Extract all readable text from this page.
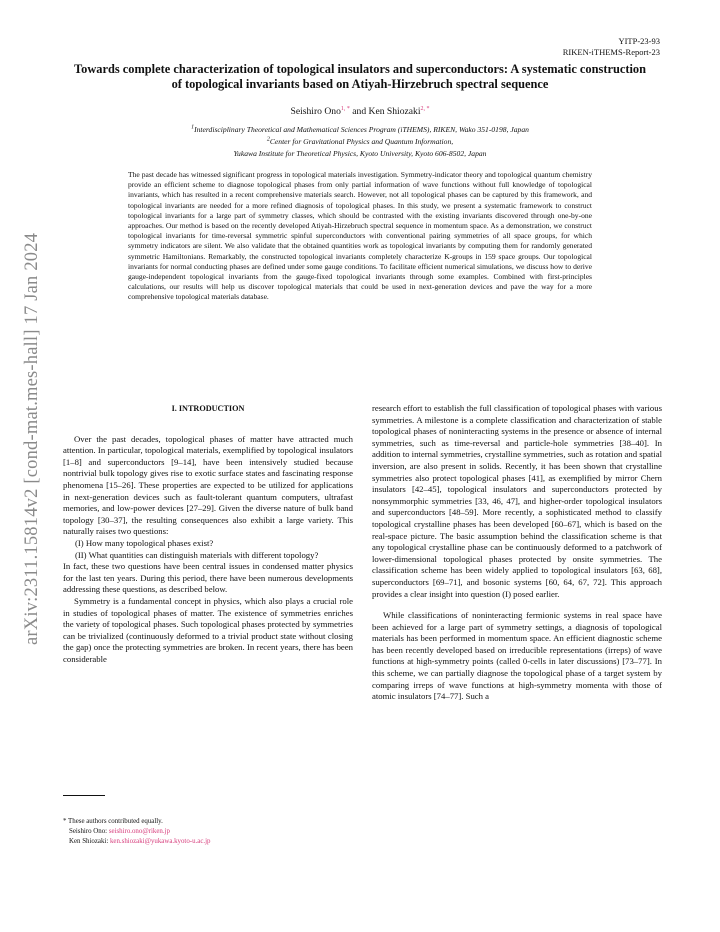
YITP-23-93
RIKEN-iTHEMS-Report-23
Towards complete characterization of topological insulators and superconductors: A systematic construction of topological invariants based on Atiyah-Hirzebruch spectral sequence
Seishiro Ono$^{1, *}$ and Ken Shiozaki$^{2, *}$
$^1$Interdisciplinary Theoretical and Mathematical Sciences Program (iTHEMS), RIKEN, Wako 351-0198, Japan
$^2$Center for Gravitational Physics and Quantum Information,
Yukawa Institute for Theoretical Physics, Kyoto University, Kyoto 606-8502, Japan
The past decade has witnessed significant progress in topological materials investigation. Symmetry-indicator theory and topological quantum chemistry provide an efficient scheme to diagnose topological phases from only partial information of wave functions without full knowledge of topological invariants, which has resulted in a recent comprehensive materials search. However, not all topological phases can be captured by this framework, and topological invariants are needed for a more refined diagnosis of topological phases. In this study, we present a systematic framework to construct topological invariants for a large part of symmetry classes, which should be contrasted with the existing invariants discovered through one-by-one approaches. Our method is based on the recently developed Atiyah-Hirzebruch spectral sequence in momentum space. As a demonstration, we construct topological invariants for time-reversal symmetric spinful superconductors with conventional pairing symmetries of all space groups, for which symmetry indicators are silent. We also validate that the obtained quantities work as topological invariants by computing them for randomly generated symmetric Hamiltonians. Remarkably, the constructed topological invariants completely characterize K-groups in 159 space groups. Our topological invariants for normal conducting phases are defined under some gauge conditions. To facilitate efficient numerical simulations, we discuss how to derive gauge-independent topological invariants from the gauge-fixed topological invariants through some examples. Combined with first-principles calculations, our results will help us discover topological materials that could be used in next-generation devices and pave the way for a more comprehensive topological materials database.
arXiv:2311.15814v2 [cond-mat.mes-hall] 17 Jan 2024	I. INTRODUCTION

Over the past decades, topological phases of matter have attracted much attention. In particular, topological materials, exemplified by topological insulators [1–8] and superconductors [9–14], have been intensively studied because nontrivial bulk topology gives rise to exotic surface states and fascinating response phenomena [15–26]. These properties are expected to be utilized for applications in next-generation devices such as fault-tolerant quantum computers, ultrafast memories, and low-power devices [27–29]. Given the diverse nature of bulk band topology [30–37], the resulting consequences also exhibit a large variety. This naturally raises two questions:

(I) How many topological phases exist?
(II) What quantities can distinguish materials with different topology?

In fact, these two questions have been central issues in condensed matter physics for the last ten years. During this period, there have been numerous developments addressing these questions, as described below.

Symmetry is a fundamental concept in physics, which also plays a crucial role in studies of topological phases of matter. The existence of symmetries enriches the variety of topological phases. Such topological phases protected by symmetries can be trivialized (continuously deformed to a trivial product state without closing the gap) once the protecting symmetries are broken. In recent years, there has been considerable

research effort to establish the full classification of topological phases with various symmetries. A milestone is a complete classification and characterization of stable topological phases of noninteracting systems in the presence or absence of internal symmetries, such as time-reversal and particle-hole symmetries [38–40]. In addition to internal symmetries, crystalline symmetries, such as rotation and spatial inversion, are also present in solids. Recently, it has been shown that crystalline symmetries also protect topological phases [41], as exemplified by mirror Chern insulators [42–45], topological insulators and superconductors protected by nonsymmorphic symmetries [33, 46, 47], and higher-order topological insulators and superconductors [48–59]. More recently, a sophisticated method to classify topological crystalline phases has been developed [60–67], which is based on the real-space picture. The basic assumption behind the classification scheme is that any topological crystalline phase can be continuously deformed to a patchwork of lower-dimensional topological phases protected by onsite symmetries. The classification scheme has been widely applied to topological insulators [63, 68], superconductors [69–71], and bosonic systems [60, 64, 67, 72]. This approach provides a clear insight into question (I) posed earlier.

While classifications of noninteracting fermionic systems in real space have been achieved for a large part of symmetry settings, a diagnosis of topological materials has been performed in momentum space. An efficient diagnostic scheme has been recently developed based on irreducible representations (irreps) of wave functions at high-symmetry points (called 0-cells in later discussions) [73–77]. In this scheme, we can partially diagnose the topological phase of a target system by comparing irreps of wave functions at high-symmetry momenta with those of atomic insulators [74–77]. Such a

* These authors contributed equally.
Seishiro Ono: seishiro.ono@riken.jp
Ken Shiozaki: ken.shiozaki@yukawa.kyoto-u.ac.jp
